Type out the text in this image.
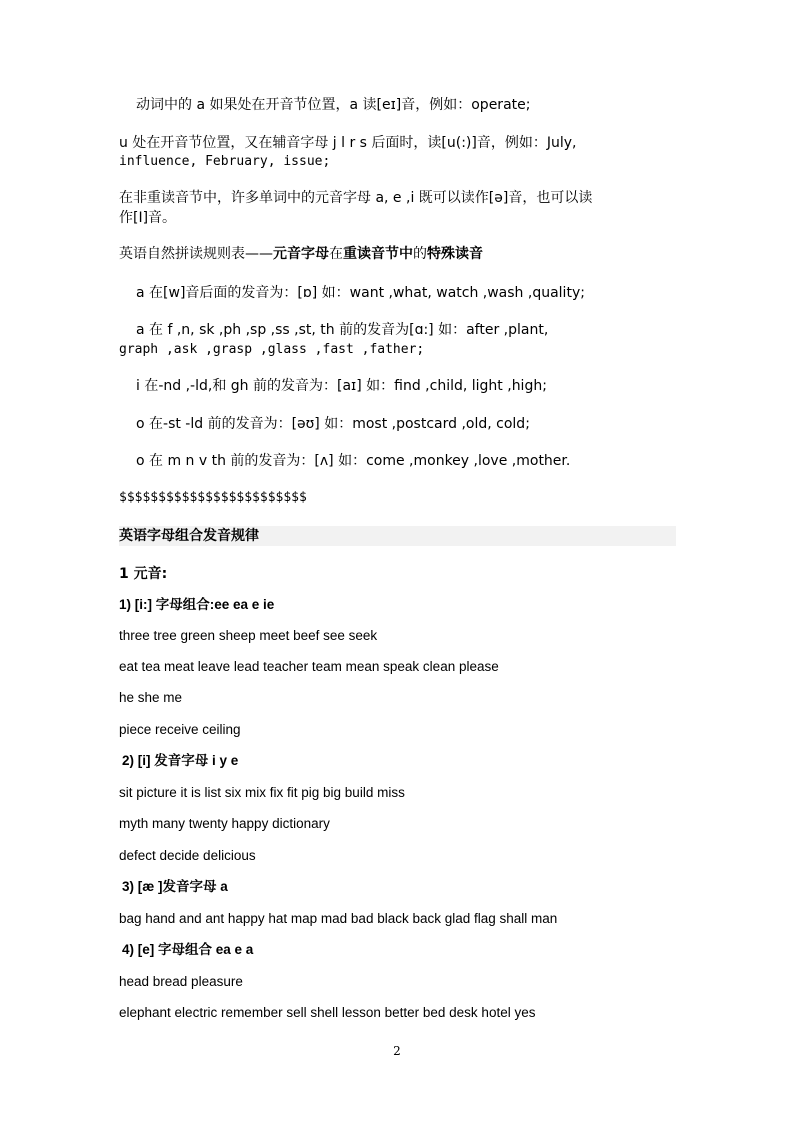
动词中的 a 如果处在开音节位置，a 读[eɪ]音，例如：operate;
u 处在开音节位置，又在辅音字母 j l r s 后面时，读[u(:)]音，例如：July,
influence, February, issue;
在非重读音节中，许多单词中的元音字母 a, e ,i 既可以读作[ə]音，也可以读
作[I]音。
英语自然拼读规则表——元音字母在重读音节中的特殊读音
a 在[w]音后面的发音为：[ɒ] 如：want ,what, watch ,wash ,quality;
a 在 f ,n, sk ,ph ,sp ,ss ,st, th 前的发音为[ɑ:] 如：after ,plant,
graph ,ask ,grasp ,glass ,fast ,father;
i 在-nd ,-ld,和 gh 前的发音为：[aɪ] 如：find ,child, light ,high;
o 在-st -ld 前的发音为：[əʊ] 如：most ,postcard ,old, cold;
o 在 m n v th 前的发音为：[ʌ] 如：come ,monkey ,love ,mother.
$$$$$$$$$$$$$$$$$$$$$$$$
英语字母组合发音规律
1 元音:
1) [i:] 字母组合:ee ea e ie
three tree green sheep meet beef see seek
eat tea meat leave lead teacher team mean speak clean please
he she me
piece receive ceiling
2) [i] 发音字母 i y e
sit picture it is list six mix fix fit pig big build miss
myth many twenty happy dictionary
defect decide delicious
3) [æ ]发音字母 a
bag hand and ant happy hat map mad bad black back glad flag shall man
4) [e] 字母组合 ea e a
head bread pleasure
elephant electric remember sell shell lesson better bed desk hotel yes
2
